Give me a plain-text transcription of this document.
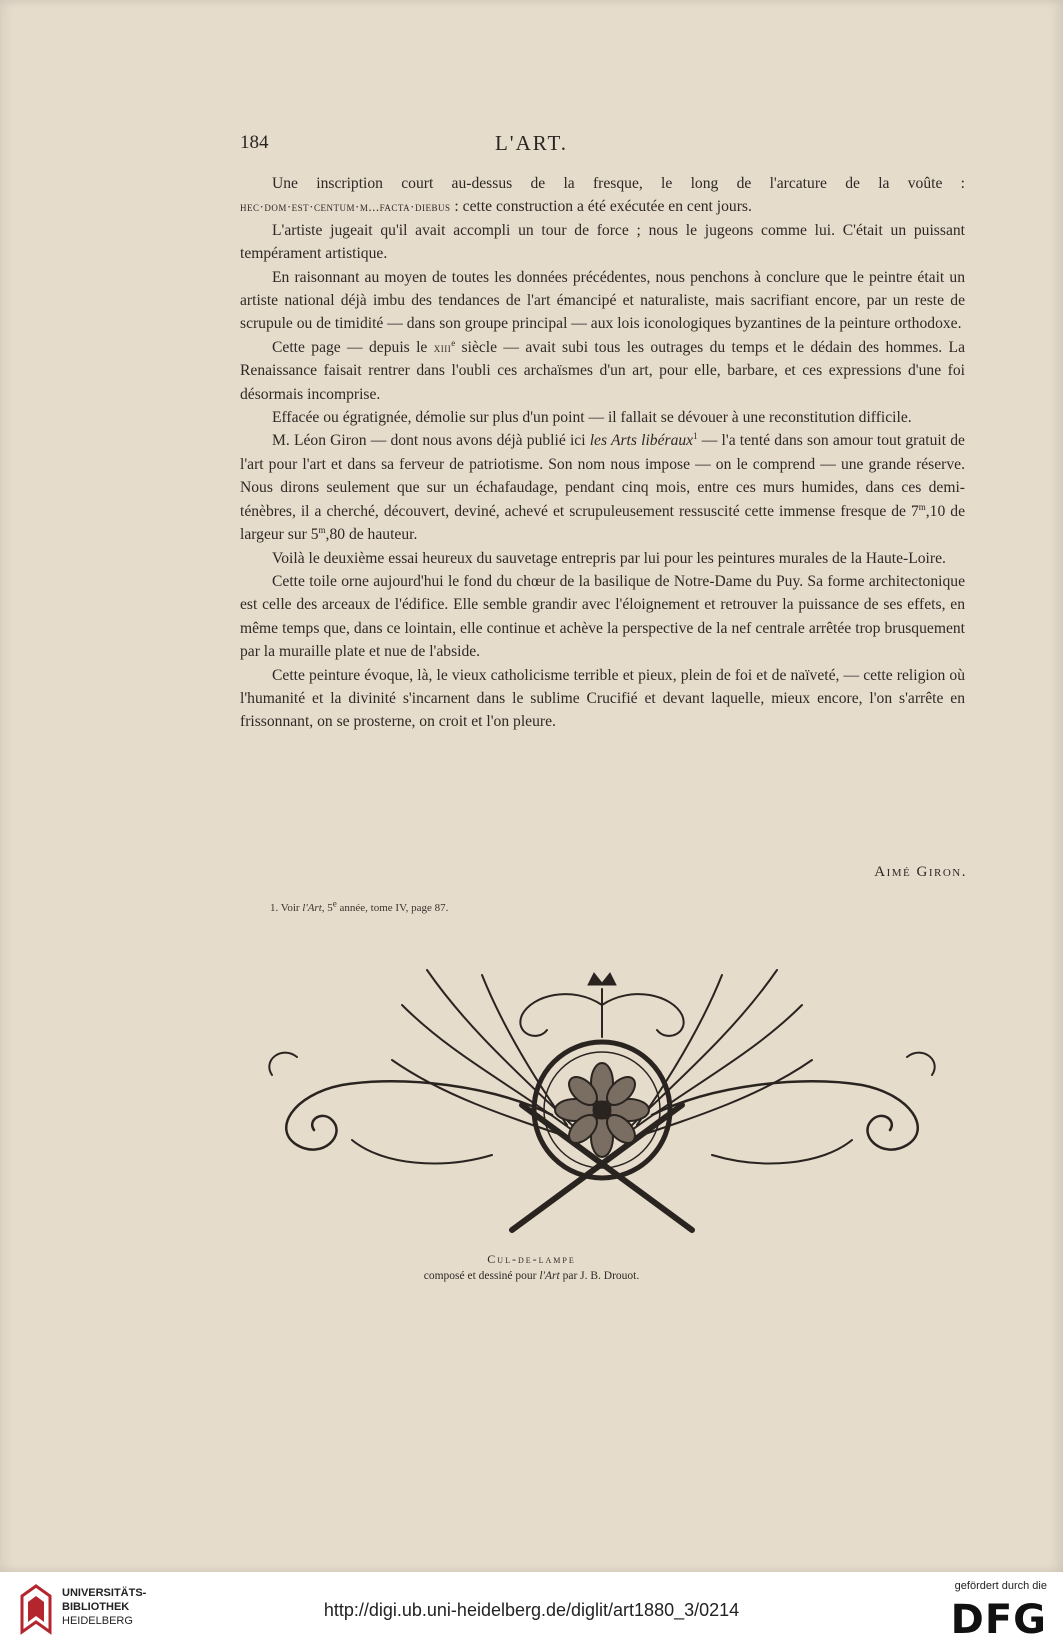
184	L'ART.

Une inscription court au-dessus de la fresque, le long de l'arcature de la voûte : hec·dom·est·centum·m...facta·diebus : cette construction a été exécutée en cent jours.

L'artiste jugeait qu'il avait accompli un tour de force ; nous le jugeons comme lui. C'était un puissant tempérament artistique.

En raisonnant au moyen de toutes les données précédentes, nous penchons à conclure que le peintre était un artiste national déjà imbu des tendances de l'art émancipé et naturaliste, mais sacrifiant encore, par un reste de scrupule ou de timidité — dans son groupe principal — aux lois iconologiques byzantines de la peinture orthodoxe.

Cette page — depuis le xiii$^e$ siècle — avait subi tous les outrages du temps et le dédain des hommes. La Renaissance faisait rentrer dans l'oubli ces archaïsmes d'un art, pour elle, barbare, et ces expressions d'une foi désormais incomprise.

Effacée ou égratignée, démolie sur plus d'un point — il fallait se dévouer à une reconstitution difficile.

M. Léon Giron — dont nous avons déjà publié ici les Arts libéraux$^1$ — l'a tenté dans son amour tout gratuit de l'art pour l'art et dans sa ferveur de patriotisme. Son nom nous impose — on le comprend — une grande réserve. Nous dirons seulement que sur un échafaudage, pendant cinq mois, entre ces murs humides, dans ces demi-ténèbres, il a cherché, découvert, deviné, achevé et scrupuleusement ressuscité cette immense fresque de 7$^m$,10 de largeur sur 5$^m$,80 de hauteur.

Voilà le deuxième essai heureux du sauvetage entrepris par lui pour les peintures murales de la Haute-Loire.

Cette toile orne aujourd'hui le fond du chœur de la basilique de Notre-Dame du Puy. Sa forme architectonique est celle des arceaux de l'édifice. Elle semble grandir avec l'éloignement et retrouver la puissance de ses effets, en même temps que, dans ce lointain, elle continue et achève la perspective de la nef centrale arrêtée trop brusquement par la muraille plate et nue de l'abside.

Cette peinture évoque, là, le vieux catholicisme terrible et pieux, plein de foi et de naïveté, — cette religion où l'humanité et la divinité s'incarnent dans le sublime Crucifié et devant laquelle, mieux encore, l'on s'arrête en frissonnant, on se prosterne, on croit et l'on pleure.

Aimé Giron.
1. Voir l'Art, 5e année, tome IV, page 87.
Cul-de-lampe
composé et dessiné pour l'Art par J. B. Drouot.
UNIVERSITÄTS-
BIBLIOTHEK
HEIDELBERG
http://digi.ub.uni-heidelberg.de/diglit/art1880_3/0214
gefördert durch die
DFG
